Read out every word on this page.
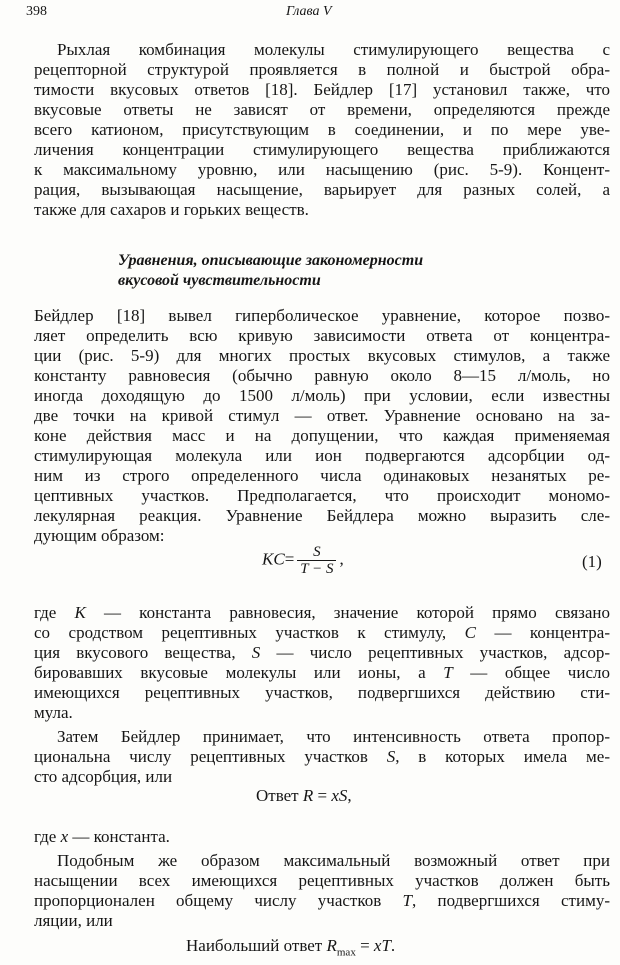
398	Глава V
Рыхлая комбинация молекулы стимулирующего вещества с
рецепторной структурой проявляется в полной и быстрой обра-
тимости вкусовых ответов [18]. Бейдлер [17] установил также, что
вкусовые ответы не зависят от времени, определяются прежде
всего катионом, присутствующим в соединении, и по мере уве-
личения концентрации стимулирующего вещества приближаются
к максимальному уровню, или насыщению (рис. 5-9). Концент-
рация, вызывающая насыщение, варьирует для разных солей, а
также для сахаров и горьких веществ.
Уравнения, описывающие закономерности
вкусовой чувствительности
Бейдлер [18] вывел гиперболическое уравнение, которое позво-
ляет определить всю кривую зависимости ответа от концентра-
ции (рис. 5-9) для многих простых вкусовых стимулов, а также
константу равновесия (обычно равную около 8—15 л/моль, но
иногда доходящую до 1500 л/моль) при условии, если известны
две точки на кривой стимул — ответ. Уравнение основано на за-
коне действия масс и на допущении, что каждая применяемая
стимулирующая молекула или ион подвергаются адсорбции од-
ним из строго определенного числа одинаковых незанятых ре-
цептивных участков. Предполагается, что происходит мономо-
лекулярная реакция. Уравнение Бейдлера можно выразить сле-
дующим образом:
$KC= \frac{S}{T - S}$ ,	(1)
где K — константа равновесия, значение которой прямо связано
со сродством рецептивных участков к стимулу, C — концентра-
ция вкусового вещества, S — число рецептивных участков, адсор-
бировавших вкусовые молекулы или ионы, а T — общее число
имеющихся рецептивных участков, подвергшихся действию сти-
мула.
Затем Бейдлер принимает, что интенсивность ответа пропор-
циональна числу рецептивных участков S, в которых имела ме-
сто адсорбция, или
Ответ R = xS,
где x — константа.
Подобным же образом максимальный возможный ответ при
насыщении всех имеющихся рецептивных участков должен быть
пропорционален общему числу участков T, подвергшихся стиму-
ляции, или
Наибольший ответ $R_{max}$ = xT.
